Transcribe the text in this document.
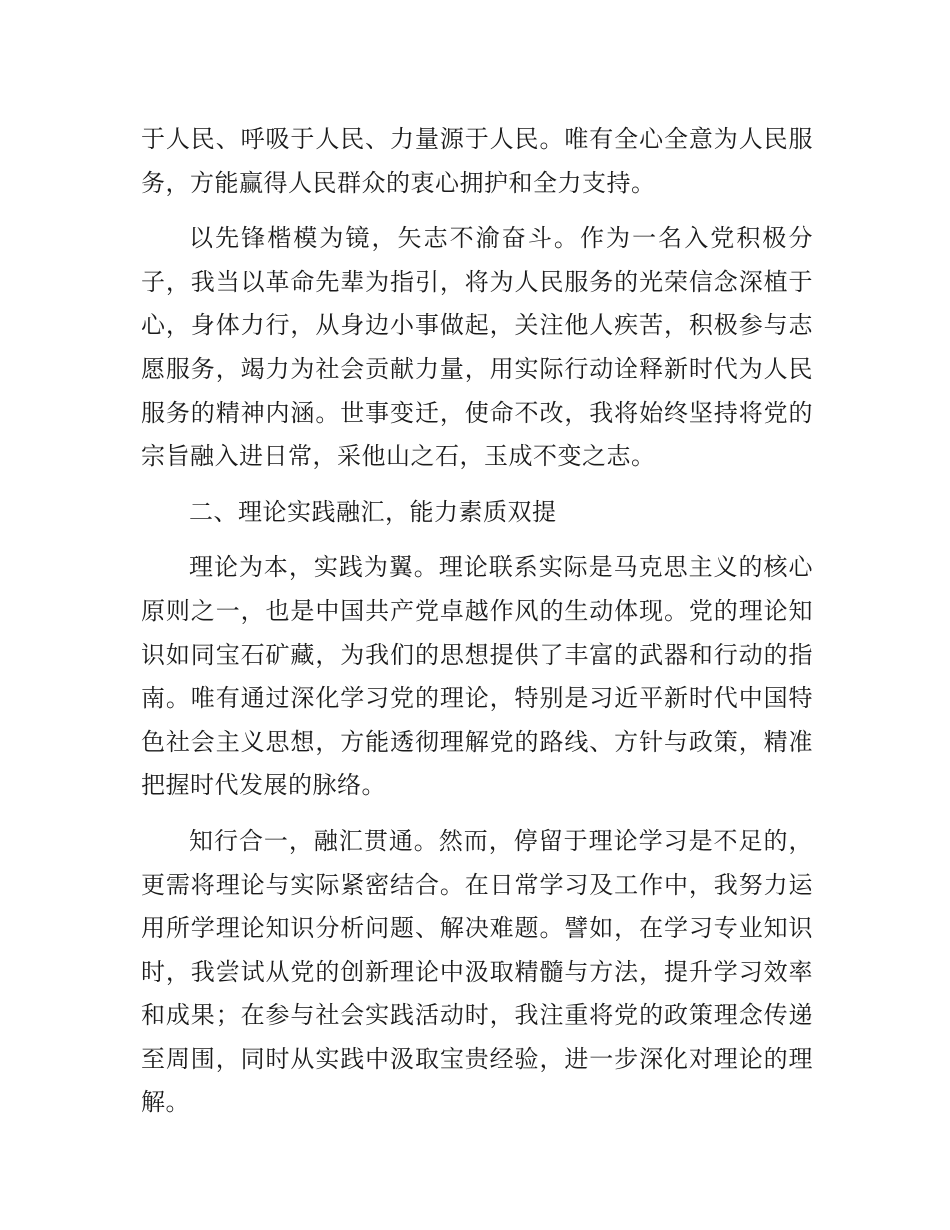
于人民、呼吸于人民、力量源于人民。唯有全心全意为人民服务，方能赢得人民群众的衷心拥护和全力支持。

以先锋楷模为镜，矢志不渝奋斗。作为一名入党积极分子，我当以革命先辈为指引，将为人民服务的光荣信念深植于心，身体力行，从身边小事做起，关注他人疾苦，积极参与志愿服务，竭力为社会贡献力量，用实际行动诠释新时代为人民服务的精神内涵。世事变迁，使命不改，我将始终坚持将党的宗旨融入进日常，采他山之石，玉成不变之志。

二、理论实践融汇，能力素质双提

理论为本，实践为翼。理论联系实际是马克思主义的核心原则之一，也是中国共产党卓越作风的生动体现。党的理论知识如同宝石矿藏，为我们的思想提供了丰富的武器和行动的指南。唯有通过深化学习党的理论，特别是习近平新时代中国特色社会主义思想，方能透彻理解党的路线、方针与政策，精准把握时代发展的脉络。

知行合一，融汇贯通。然而，停留于理论学习是不足的，更需将理论与实际紧密结合。在日常学习及工作中，我努力运用所学理论知识分析问题、解决难题。譬如，在学习专业知识时，我尝试从党的创新理论中汲取精髓与方法，提升学习效率和成果；在参与社会实践活动时，我注重将党的政策理念传递至周围，同时从实践中汲取宝贵经验，进一步深化对理论的理解。
